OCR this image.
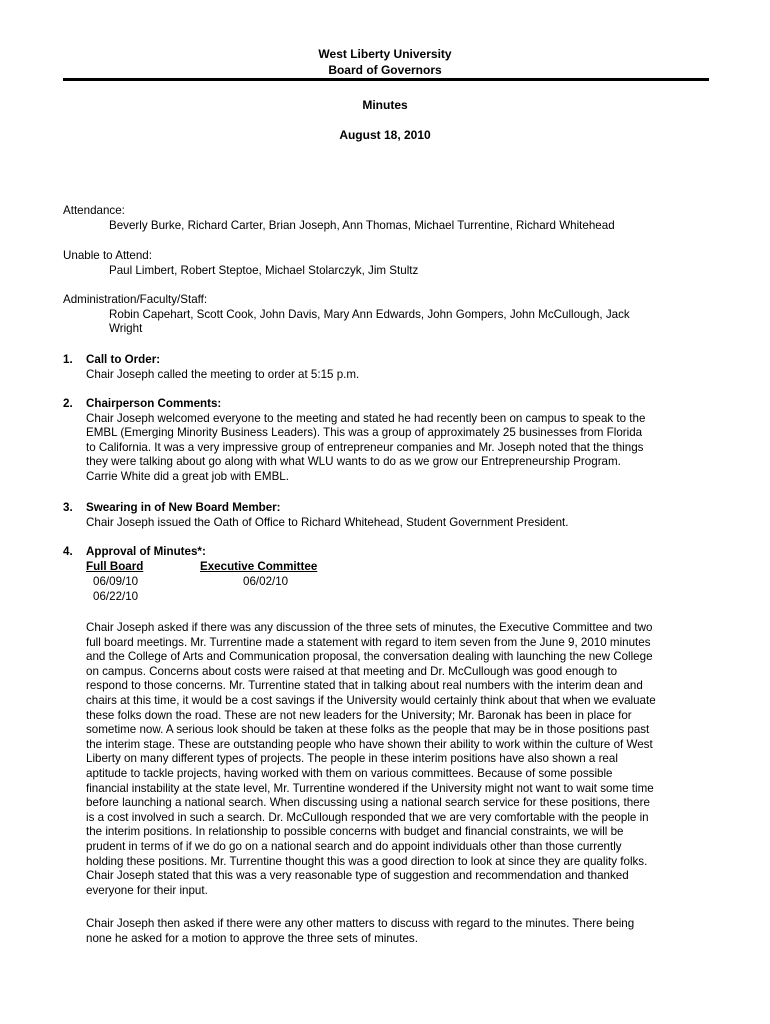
West Liberty University
Board of Governors
Minutes
August 18, 2010

Attendance:

Beverly Burke, Richard Carter, Brian Joseph, Ann Thomas, Michael Turrentine, Richard Whitehead

Unable to Attend:

Paul Limbert, Robert Steptoe, Michael Stolarczyk, Jim Stultz

Administration/Faculty/Staff:

Robin Capehart, Scott Cook, John Davis, Mary Ann Edwards, John Gompers, John McCullough, Jack

Wright

1. Call to Order:

Chair Joseph called the meeting to order at 5:15 p.m.

2. Chairperson Comments:

Chair Joseph welcomed everyone to the meeting and stated he had recently been on campus to speak to the

EMBL (Emerging Minority Business Leaders). This was a group of approximately 25 businesses from Florida

to California. It was a very impressive group of entrepreneur companies and Mr. Joseph noted that the things

they were talking about go along with what WLU wants to do as we grow our Entrepreneurship Program.

Carrie White did a great job with EMBL.

3. Swearing in of New Board Member:

Chair Joseph issued the Oath of Office to Richard Whitehead, Student Government President.

4. Approval of Minutes*:

Full Board	Executive Committee
06/09/10
06/22/10
06/02/10

Chair Joseph asked if there was any discussion of the three sets of minutes, the Executive Committee and two

full board meetings. Mr. Turrentine made a statement with regard to item seven from the June 9, 2010 minutes

and the College of Arts and Communication proposal, the conversation dealing with launching the new College

on campus. Concerns about costs were raised at that meeting and Dr. McCullough was good enough to

respond to those concerns. Mr. Turrentine stated that in talking about real numbers with the interim dean and

chairs at this time, it would be a cost savings if the University would certainly think about that when we evaluate

these folks down the road. These are not new leaders for the University; Mr. Baronak has been in place for

sometime now. A serious look should be taken at these folks as the people that may be in those positions past

the interim stage. These are outstanding people who have shown their ability to work within the culture of West

Liberty on many different types of projects. The people in these interim positions have also shown a real

aptitude to tackle projects, having worked with them on various committees. Because of some possible

financial instability at the state level, Mr. Turrentine wondered if the University might not want to wait some time

before launching a national search. When discussing using a national search service for these positions, there

is a cost involved in such a search. Dr. McCullough responded that we are very comfortable with the people in

the interim positions. In relationship to possible concerns with budget and financial constraints, we will be

prudent in terms of if we do go on a national search and do appoint individuals other than those currently

holding these positions. Mr. Turrentine thought this was a good direction to look at since they are quality folks.

Chair Joseph stated that this was a very reasonable type of suggestion and recommendation and thanked

everyone for their input.

Chair Joseph then asked if there were any other matters to discuss with regard to the minutes. There being

none he asked for a motion to approve the three sets of minutes.
